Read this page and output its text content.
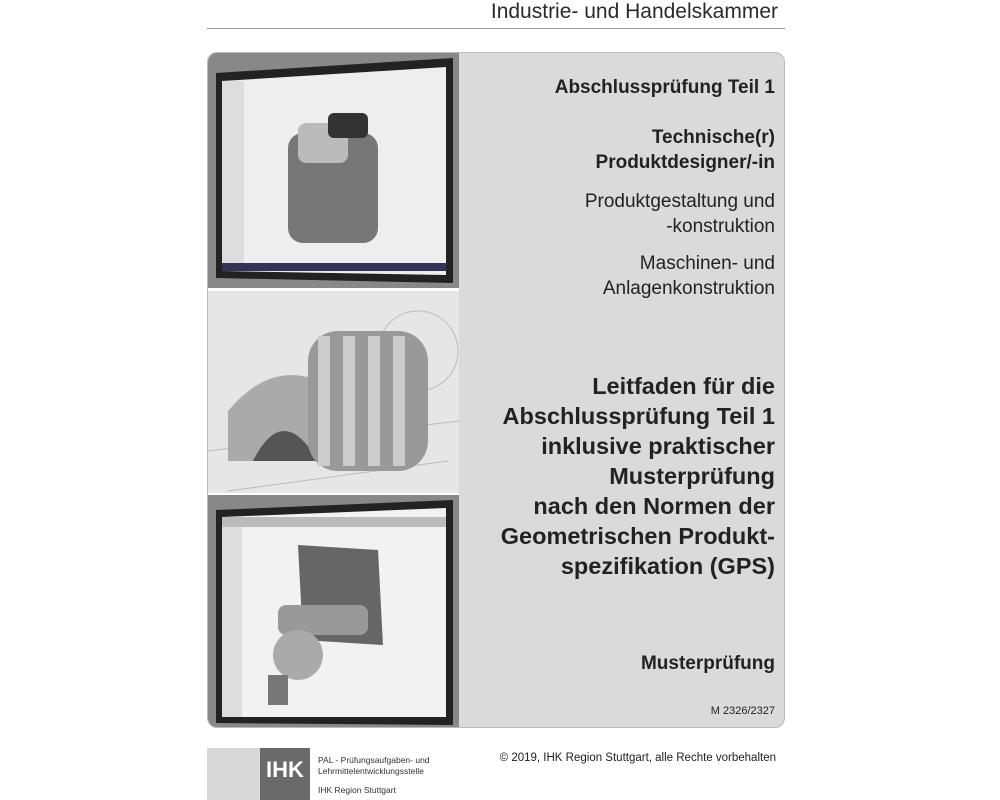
Industrie- und Handelskammer
Abschlussprüfung Teil 1
Technische(r)
Produktdesigner/-in
Produktgestaltung und
-konstruktion
Maschinen- und
Anlagenkonstruktion
Leitfaden für die
Abschlussprüfung Teil 1
inklusive praktischer
Musterprüfung
nach den Normen der
Geometrischen Produkt-
spezifikation (GPS)
Musterprüfung
M 2326/2327
IHK	PAL - Prüfungsaufgaben- und
Lehrmittelentwicklungsstelle
IHK Region Stuttgart
© 2019, IHK Region Stuttgart, alle Rechte vorbehalten
